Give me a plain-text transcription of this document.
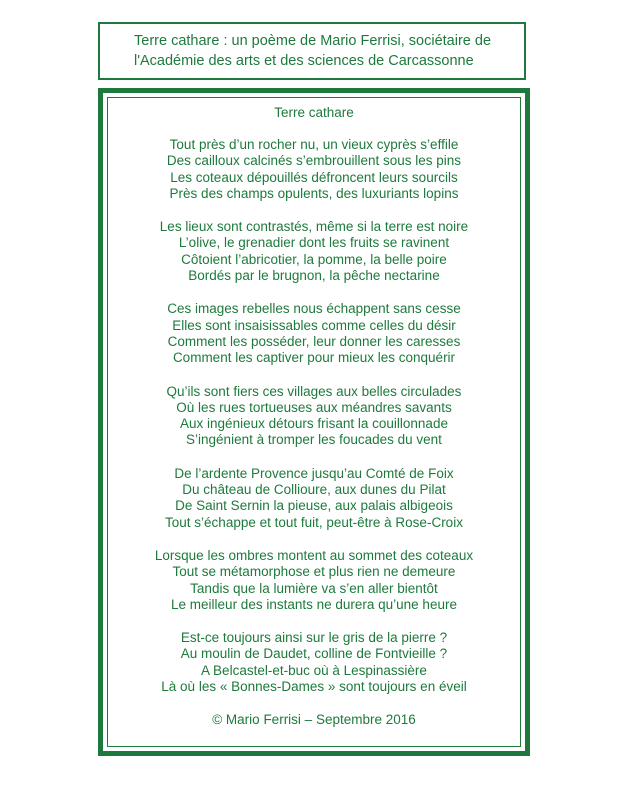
Terre cathare : un poème de Mario Ferrisi, sociétaire de
l'Académie des arts et des sciences de Carcassonne
Terre cathare
Tout près d’un rocher nu, un vieux cyprès s’effile
Des cailloux calcinés s’embrouillent sous les pins
Les coteaux dépouillés défroncent leurs sourcils
Près des champs opulents, des luxuriants lopins
Les lieux sont contrastés, même si la terre est noire
L’olive, le grenadier dont les fruits se ravinent
Côtoient l’abricotier, la pomme, la belle poire
Bordés par le brugnon, la pêche nectarine
Ces images rebelles nous échappent sans cesse
Elles sont insaisissables comme celles du désir
Comment les posséder, leur donner les caresses
Comment les captiver pour mieux les conquérir
Qu’ils sont fiers ces villages aux belles circulades
Où les rues tortueuses aux méandres savants
Aux ingénieux détours frisant la couillonnade
S’ingénient à tromper les foucades du vent
De l’ardente Provence jusqu’au Comté de Foix
Du château de Collioure, aux dunes du Pilat
De Saint Sernin la pieuse, aux palais albigeois
Tout s’échappe et tout fuit, peut-être à Rose-Croix
Lorsque les ombres montent au sommet des coteaux
Tout se métamorphose et plus rien ne demeure
Tandis que la lumière va s’en aller bientôt
Le meilleur des instants ne durera qu’une heure
Est-ce toujours ainsi sur le gris de la pierre ?
Au moulin de Daudet, colline de Fontvieille ?
A Belcastel-et-buc où à Lespinassière
Là où les « Bonnes-Dames » sont toujours en éveil
© Mario Ferrisi – Septembre 2016
